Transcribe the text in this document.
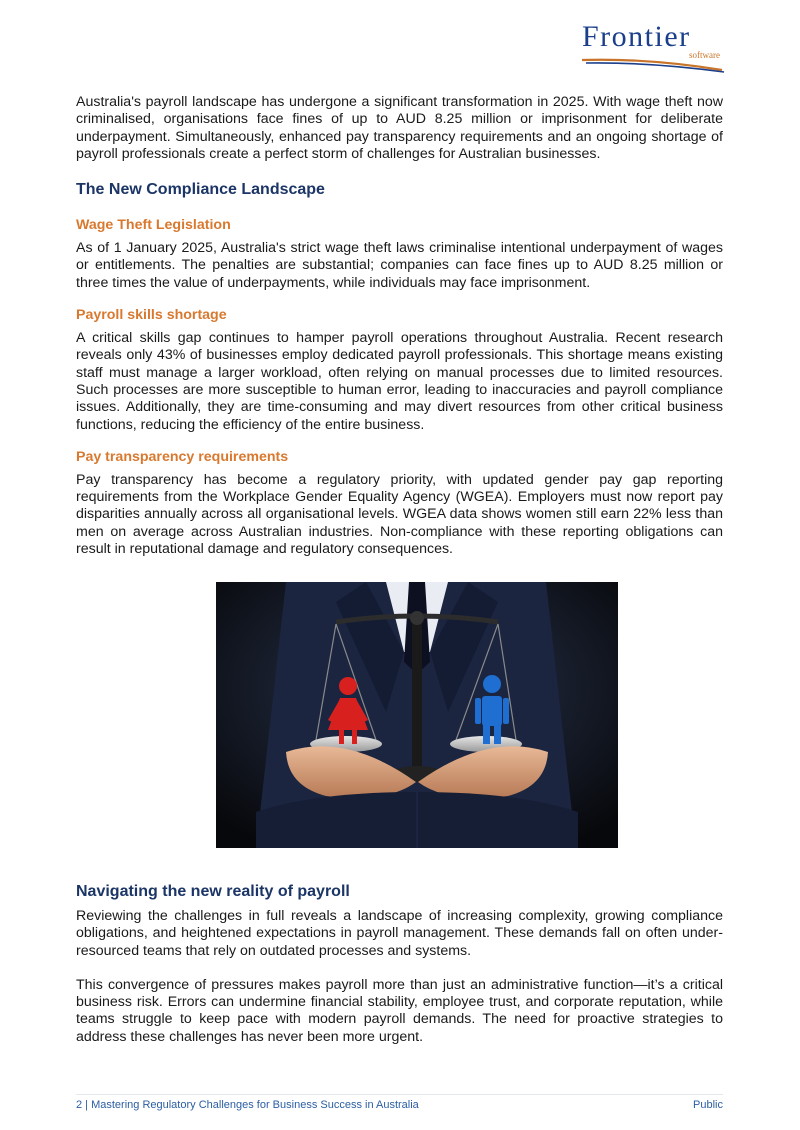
Frontier
software

Australia's payroll landscape has undergone a significant transformation in 2025. With wage theft now criminalised, organisations face fines of up to AUD 8.25 million or imprisonment for deliberate underpayment. Simultaneously, enhanced pay transparency requirements and an ongoing shortage of payroll professionals create a perfect storm of challenges for Australian businesses.

The New Compliance Landscape
Wage Theft Legislation

As of 1 January 2025, Australia's strict wage theft laws criminalise intentional underpayment of wages or entitlements. The penalties are substantial; companies can face fines up to AUD 8.25 million or three times the value of underpayments, while individuals may face imprisonment.

Payroll skills shortage

A critical skills gap continues to hamper payroll operations throughout Australia. Recent research reveals only 43% of businesses employ dedicated payroll professionals. This shortage means existing staff must manage a larger workload, often relying on manual processes due to limited resources. Such processes are more susceptible to human error, leading to inaccuracies and payroll compliance issues. Additionally, they are time-consuming and may divert resources from other critical business functions, reducing the efficiency of the entire business.

Pay transparency requirements

Pay transparency has become a regulatory priority, with updated gender pay gap reporting requirements from the Workplace Gender Equality Agency (WGEA). Employers must now report pay disparities annually across all organisational levels. WGEA data shows women still earn 22% less than men on average across Australian industries. Non-compliance with these reporting obligations can result in reputational damage and regulatory consequences.

Navigating the new reality of payroll

Reviewing the challenges in full reveals a landscape of increasing complexity, growing compliance obligations, and heightened expectations in payroll management. These demands fall on often under-resourced teams that rely on outdated processes and systems.

This convergence of pressures makes payroll more than just an administrative function—it’s a critical business risk. Errors can undermine financial stability, employee trust, and corporate reputation, while teams struggle to keep pace with modern payroll demands. The need for proactive strategies to address these challenges has never been more urgent.

2 | Mastering Regulatory Challenges for Business Success in Australia	Public
